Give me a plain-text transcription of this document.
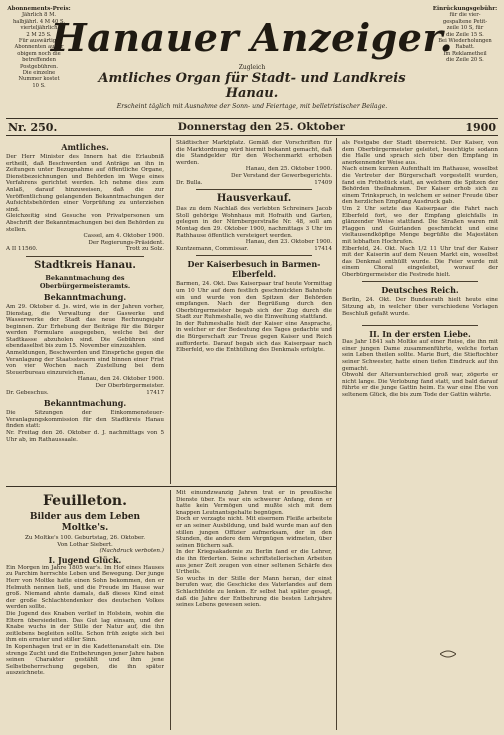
Abonnements-Preis:
Jährlich 8 M.
halbjährl. 4 M 40 S.
vierteljährlich
2 M 25 S.
Für auswärtige
Abonnenten außer
obigem noch die
betreffenden
Postgebühren.
Die einzelne
Nummer kostet
10 S.
Einrückungsgebühr:
für die vier-
gespaltene Petit-
zeile 10 S, für
die Zeile 15 S.
Bei Wiederholungen
Rabatt.
Im Reklametheil
die Zeile 20 S.
Hanauer Anzeiger.
Zugleich
Amtliches Organ für Stadt- und Landkreis Hanau.
Erscheint täglich mit Ausnahme der Sonn- und Feiertage, mit belletristischer Beilage.
Nr. 250.	Donnerstag den 25. Oktober	1900
Amtliches.
Der Herr Minister des Innern hat die Erlaubniß ertheilt, daß Beschwerden und Anträge an ihn in Zeitungen unter Bezugnahme auf öffentliche Organe, Dienstbezeichnungen und Behörden im Wege eines Verfahrens gerichtet werden. Ich nehme dies zum Anlaß, darauf hinzuweisen, daß die zur Veröffentlichung gelangenden Bekanntmachungen der Aufsichtsbehörden einer Vorprüfung zu unterziehen sind.
Gleichzeitig sind Gesuche von Privatpersonen um Abschrift der Bekanntmachungen bei den Behörden zu stellen.
Cassel, am 4. Oktober 1900.
Der Regierungs-Präsident.
A II 11560.	Trott zu Solz.
Stadtkreis Hanau.
Bekanntmachung des Oberbürgermeisteramts.
Bekanntmachung.
Am 29. Oktober d. Js. wird, wie in der Jahren vorher, Dienstag, die Verwaltung der Gaswerke und Wasserwerke der Stadt das neue Rechnungsjahr beginnen. Zur Erhebung der Beiträge für die Bürger werden Formulare ausgegeben, welche bei der Stadtkasse abzuholen sind. Die Gebühren sind ebendaselbst bis zum 15. November einzuzahlen.
Anmeldungen, Beschwerden und Einsprüche gegen die Veranlagung der Staatssteuern sind binnen einer Frist von vier Wochen nach Zustellung bei dem Steuerbureau einzureichen.
Hanau, den 24. Oktober 1900.
Der Oberbürgermeister.
Dr. Gebeschus.	17417
Bekanntmachung.
Die Sitzungen der Einkommensteuer-Veranlagungskommission für den Stadtkreis Hanau finden statt:
Nr. Freitag den 26. Oktober d. J. nachmittags von 5 Uhr ab, im Rathaussaale.
Städtischer Marktplatz. Gemäß der Vorschriften für die Marktordnung wird hiermit bekannt gemacht, daß die Standgelder für den Wochenmarkt erhoben werden.
Hanau, den 25. Oktober 1900.
Der Verstand der Gewerbegerichts.
Dr. Bulla.	17409
Hausverkauf.
Das zu dem Nachlaß des verlebten Schreiners Jacob Stoll gehörige Wohnhaus mit Hofraith und Garten, gelegen in der Nürnbergerstraße Nr. 48, soll am Montag den 29. Oktober 1900, nachmittags 3 Uhr im Rathhause öffentlich versteigert werden.
Hanau, den 23. Oktober 1900.
Kuntzemann, Commissar.	17414
Der Kaiserbesuch in Barmen-Elberfeld.
Barmen, 24. Okt. Das Kaiserpaar traf heute Vormittag um 10 Uhr auf dem festlich geschmückten Bahnhofe ein und wurde von den Spitzen der Behörden empfangen. Nach der Begrüßung durch den Oberbürgermeister begab sich der Zug durch die Stadt zur Ruhmeshalle, wo die Einweihung stattfand.
In der Ruhmeshalle hielt der Kaiser eine Ansprache, in welcher er der Bedeutung des Tages gedachte und die Bürgerschaft zur Treue gegen Kaiser und Reich aufforderte. Darauf begab sich das Kaiserpaar nach Elberfeld, wo die Enthüllung des Denkmals erfolgte.
als Festgabe der Stadt überreicht. Der Kaiser, von dem Oberbürgermeister geleitet, besichtigte sodann die Halle und sprach sich über den Empfang in anerkennender Weise aus.
Nach einem kurzen Aufenthalt im Rathause, woselbst die Vertreter der Bürgerschaft vorgestellt wurden, fand ein Frühstück statt, an welchem die Spitzen der Behörden theilnahmen. Der Kaiser erhob sich zu einem Trinkspruch, in welchem er seiner Freude über den herzlichen Empfang Ausdruck gab.
Um 2 Uhr setzte das Kaiserpaar die Fahrt nach Elberfeld fort, wo der Empfang gleichfalls in glänzender Weise stattfand. Die Straßen waren mit Flaggen und Guirlanden geschmückt und eine vieltausendköpfige Menge begrüßte die Majestäten mit lebhaften Hochrufen.
Elberfeld, 24. Okt. Nach 1/2 11 Uhr traf der Kaiser mit der Kaiserin auf dem Neuen Markt ein, woselbst das Denkmal enthüllt wurde. Die Feier wurde mit einem Choral eingeleitet, worauf der Oberbürgermeister die Festrede hielt.
Deutsches Reich.
Berlin, 24. Okt. Der Bundesrath hielt heute eine Sitzung ab, in welcher über verschiedene Vorlagen Beschluß gefaßt wurde.
II. In der ersten Liebe.
Das Jahr 1841 sah Moltke auf einer Reise, die ihn mit einer jungen Dame zusammenführte, welche fortan sein Leben theilen sollte. Marie Burt, die Stieftochter seiner Schwester, hatte einen tiefen Eindruck auf ihn gemacht.
Obwohl der Altersunterschied groß war, zögerte er nicht lange. Die Verlobung fand statt, und bald darauf führte er die junge Gattin heim. Es war eine Ehe von seltenem Glück, die bis zum Tode der Gattin währte.
Feuilleton.
Bilder aus dem Leben Moltke's.
Zu Moltke's 100. Geburtstag, 26. Oktober.
Von Lothar Siebert.
(Nachdruck verboten.)
I. Jugend Glück.
Ein Morgen im Jahre 1805 war's. Im Hof eines Hauses zu Parchim herrschte Leben und Bewegung. Der junge Herr von Moltke hatte einen Sohn bekommen, den er Helmuth nennen ließ, und die Freude im Hause war groß. Niemand ahnte damals, daß dieses Kind einst der große Schlachtendenker des deutschen Volkes werden sollte.
Die Jugend des Knaben verlief in Holstein, wohin die Eltern übersiedelten. Das Gut lag einsam, und der Knabe wuchs in der Stille der Natur auf, die ihn zeitlebens begleiten sollte. Schon früh zeigte sich bei ihm ein ernster und stiller Sinn.
In Kopenhagen trat er in die Kadettenanstalt ein. Die strenge Zucht und die Entbehrungen jener Jahre haben seinen Charakter gestählt und ihm jene Selbstbeherrschung gegeben, die ihn später auszeichnete.
Mit einundzwanzig Jahren trat er in preußische Dienste über. Es war ein schwerer Anfang, denn er hatte kein Vermögen und mußte sich mit dem knappen Leutnantsgehalte begnügen.
Doch er verzagte nicht. Mit eisernem Fleiße arbeitete er an seiner Ausbildung, und bald wurde man auf den stillen jungen Offizier aufmerksam, der in den Stunden, die andere dem Vergnügen widmeten, über seinen Büchern saß.
In der Kriegsakademie zu Berlin fand er die Lehrer, die ihn förderten. Seine schriftstellerischen Arbeiten aus jener Zeit zeugen von einer seltenen Schärfe des Urtheils.
So wuchs in der Stille der Mann heran, der einst berufen war, die Geschicke des Vaterlandes auf dem Schlachtfelde zu lenken. Er selbst hat später gesagt, daß die Jahre der Entbehrung die besten Lehrjahre seines Lebens gewesen seien.
